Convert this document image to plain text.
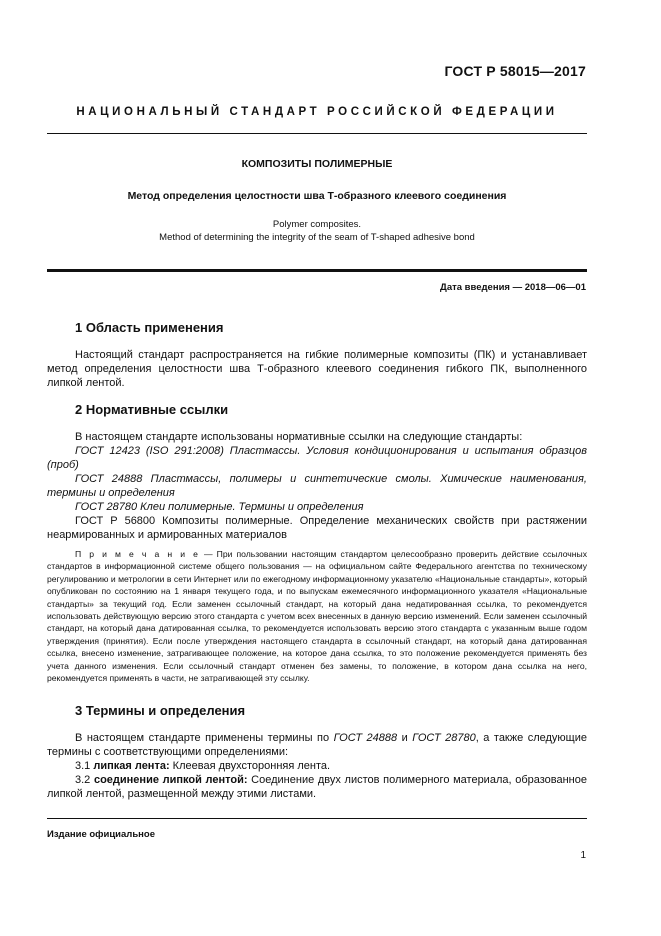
ГОСТ Р 58015—2017
НАЦИОНАЛЬНЫЙ СТАНДАРТ РОССИЙСКОЙ ФЕДЕРАЦИИ
КОМПОЗИТЫ ПОЛИМЕРНЫЕ
Метод определения целостности шва Т-образного клеевого соединения
Polymer composites.
Method of determining the integrity of the seam of T-shaped adhesive bond
Дата введения — 2018—06—01

1 Область применения

Настоящий стандарт распространяется на гибкие полимерные композиты (ПК) и устанавливает метод определения целостности шва Т-образного клеевого соединения гибкого ПК, выполненного липкой лентой.

2 Нормативные ссылки

В настоящем стандарте использованы нормативные ссылки на следующие стандарты:

ГОСТ 12423 (ISO 291:2008) Пластмассы. Условия кондиционирования и испытания образцов (проб)

ГОСТ 24888 Пластмассы, полимеры и синтетические смолы. Химические наименования, термины и определения

ГОСТ 28780 Клеи полимерные. Термины и определения

ГОСТ Р 56800 Композиты полимерные. Определение механических свойств при растяжении неармированных и армированных материалов

П р и м е ч а н и е — При пользовании настоящим стандартом целесообразно проверить действие ссылочных стандартов в информационной системе общего пользования — на официальном сайте Федерального агентства по техническому регулированию и метрологии в сети Интернет или по ежегодному информационному указателю «Национальные стандарты», который опубликован по состоянию на 1 января текущего года, и по выпускам ежемесячного информационного указателя «Национальные стандарты» за текущий год. Если заменен ссылочный стандарт, на который дана недатированная ссылка, то рекомендуется использовать действующую версию этого стандарта с учетом всех внесенных в данную версию изменений. Если заменен ссылочный стандарт, на который дана датированная ссылка, то рекомендуется использовать версию этого стандарта с указанным выше годом утверждения (принятия). Если после утверждения настоящего стандарта в ссылочный стандарт, на который дана датированная ссылка, внесено изменение, затрагивающее положение, на которое дана ссылка, то это положение рекомендуется применять без учета данного изменения. Если ссылочный стандарт отменен без замены, то положение, в котором дана ссылка на него, рекомендуется применять в части, не затрагивающей эту ссылку.

3 Термины и определения

В настоящем стандарте применены термины по ГОСТ 24888 и ГОСТ 28780, а также следующие термины с соответствующими определениями:

3.1 липкая лента: Клеевая двухсторонняя лента.

3.2 соединение липкой лентой: Соединение двух листов полимерного материала, образованное липкой лентой, размещенной между этими листами.

Издание официальное
1
